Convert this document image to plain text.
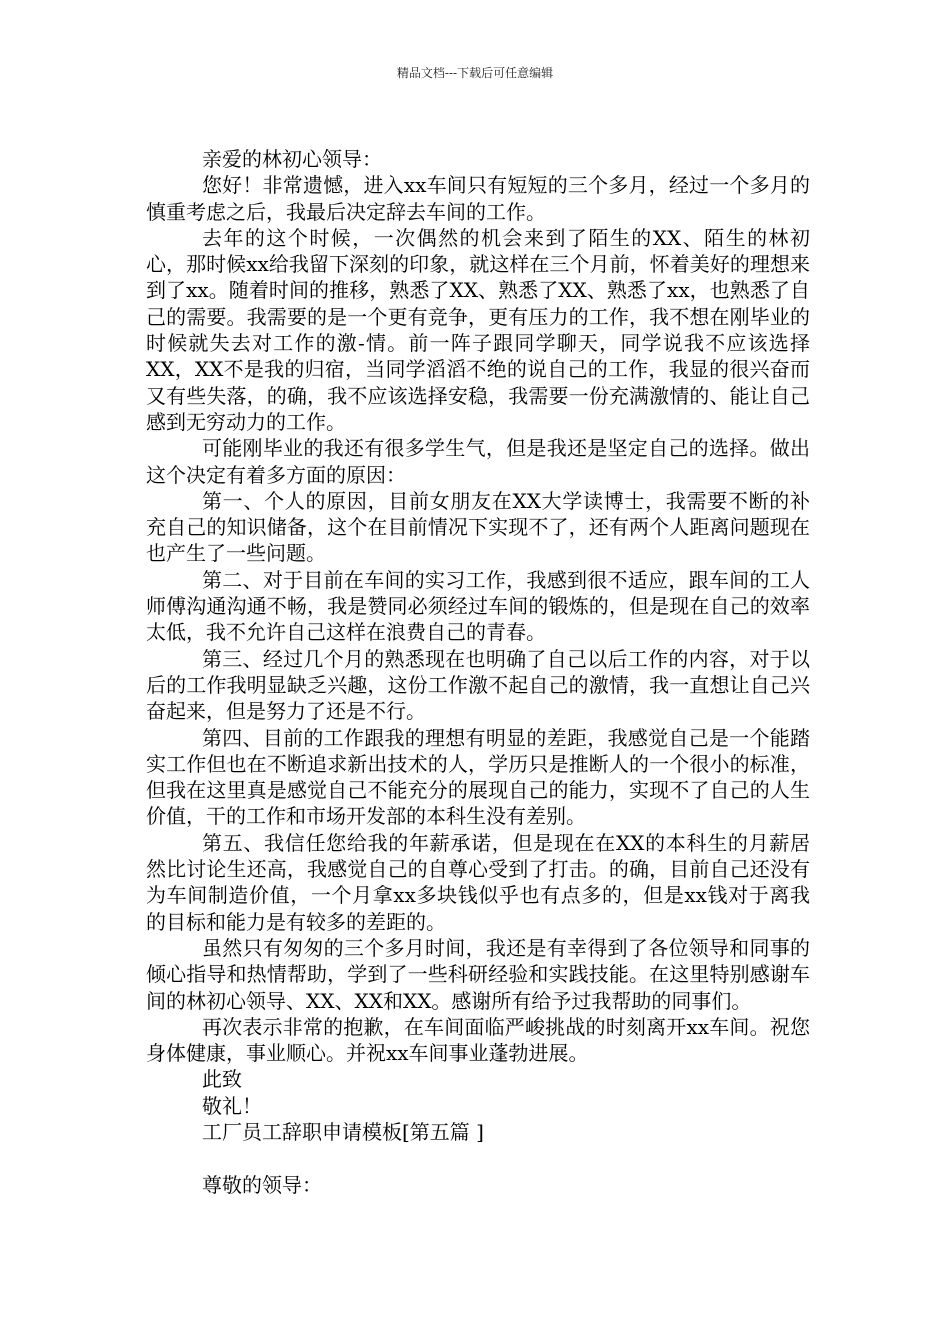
精品文档---下载后可任意编辑

亲爱的林初心领导：

您好！非常遗憾，进入xx车间只有短短的三个多月，经过一个多月的慎重考虑之后，我最后决定辞去车间的工作。

去年的这个时候，一次偶然的机会来到了陌生的XX、陌生的林初心，那时候xx给我留下深刻的印象，就这样在三个月前，怀着美好的理想来到了xx。随着时间的推移，熟悉了XX、熟悉了XX、熟悉了xx，也熟悉了自己的需要。我需要的是一个更有竞争，更有压力的工作，我不想在刚毕业的时候就失去对工作的激-情。前一阵子跟同学聊天，同学说我不应该选择XX，XX不是我的归宿，当同学滔滔不绝的说自己的工作，我显的很兴奋而又有些失落，的确，我不应该选择安稳，我需要一份充满激情的、能让自己感到无穷动力的工作。

可能刚毕业的我还有很多学生气，但是我还是坚定自己的选择。做出这个决定有着多方面的原因：

第一、个人的原因，目前女朋友在XX大学读博士，我需要不断的补充自己的知识储备，这个在目前情况下实现不了，还有两个人距离问题现在也产生了一些问题。

第二、对于目前在车间的实习工作，我感到很不适应，跟车间的工人师傅沟通沟通不畅，我是赞同必须经过车间的锻炼的，但是现在自己的效率太低，我不允许自己这样在浪费自己的青春。

第三、经过几个月的熟悉现在也明确了自己以后工作的内容，对于以后的工作我明显缺乏兴趣，这份工作激不起自己的激情，我一直想让自己兴奋起来，但是努力了还是不行。

第四、目前的工作跟我的理想有明显的差距，我感觉自己是一个能踏实工作但也在不断追求新出技术的人，学历只是推断人的一个很小的标准，但我在这里真是感觉自己不能充分的展现自己的能力，实现不了自己的人生价值，干的工作和市场开发部的本科生没有差别。

第五、我信任您给我的年薪承诺，但是现在在XX的本科生的月薪居然比讨论生还高，我感觉自己的自尊心受到了打击。的确，目前自己还没有为车间制造价值，一个月拿xx多块钱似乎也有点多的，但是xx钱对于离我的目标和能力是有较多的差距的。

虽然只有匆匆的三个多月时间，我还是有幸得到了各位领导和同事的倾心指导和热情帮助，学到了一些科研经验和实践技能。在这里特别感谢车间的林初心领导、XX、XX和XX。感谢所有给予过我帮助的同事们。

再次表示非常的抱歉，在车间面临严峻挑战的时刻离开xx车间。祝您身体健康，事业顺心。并祝xx车间事业蓬勃进展。

此致

敬礼！

工厂员工辞职申请模板[第五篇 ]

尊敬的领导：
